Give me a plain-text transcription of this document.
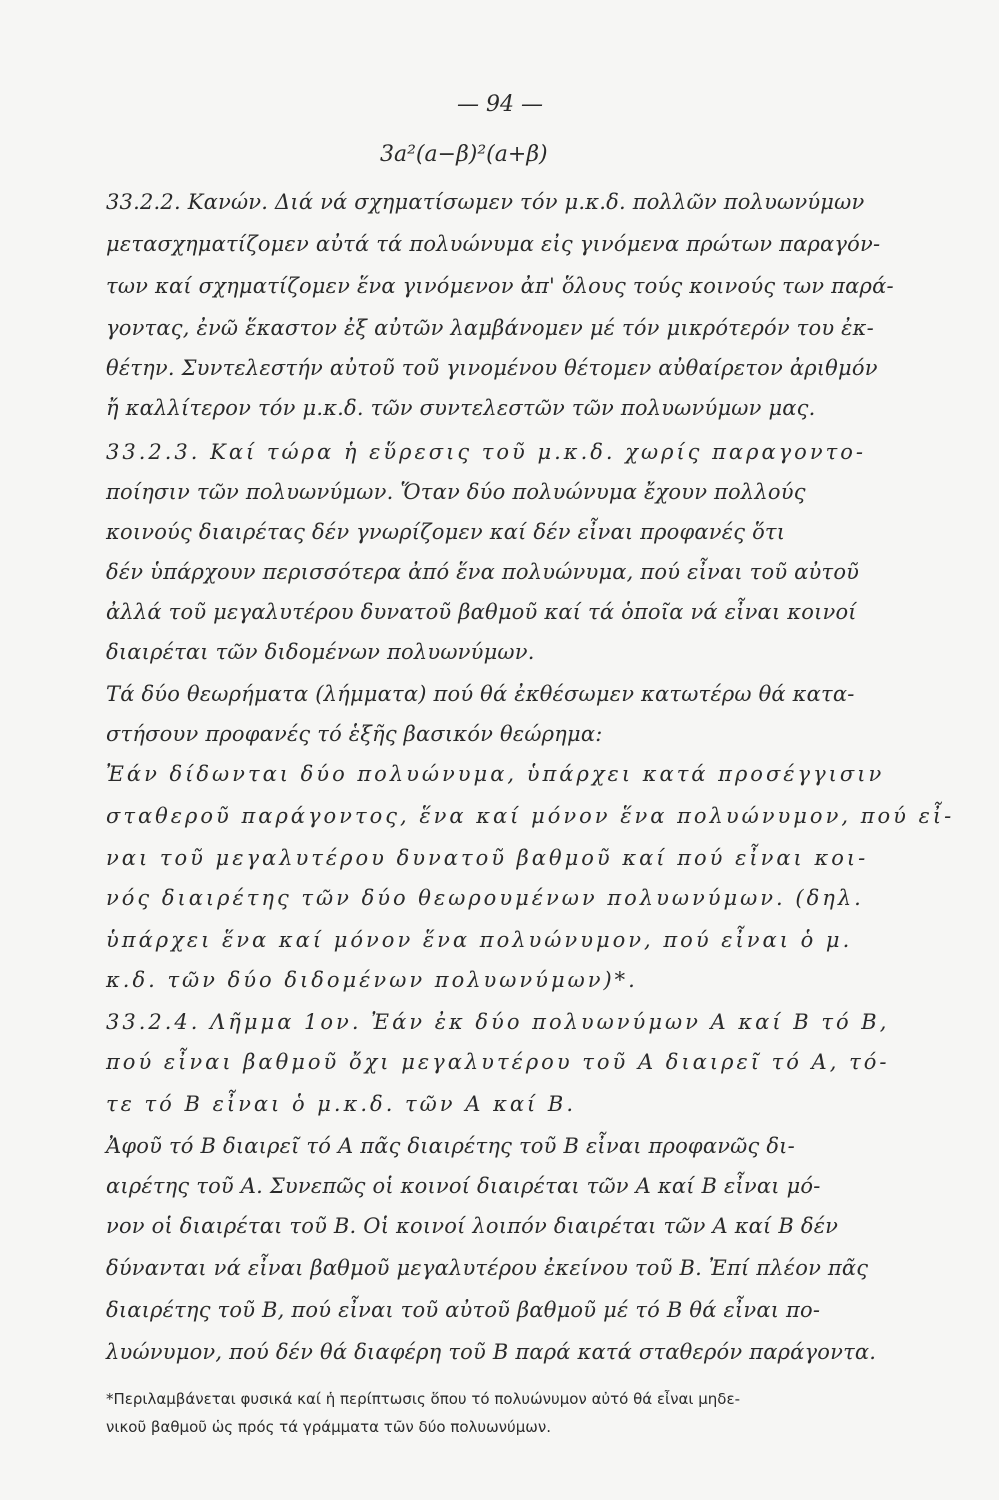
— 94 —
3a²(a−β)²(a+β)
33.2.2. Κανών. Διά νά σχηματίσωμεν τόν μ.κ.δ. πολλῶν πολυωνύμων
μετασχηματίζομεν αὐτά τά πολυώνυμα εἰς γινόμενα πρώτων παραγόν-
των καί σχηματίζομεν ἕνα γινόμενον ἀπ' ὅλους τούς κοινούς των παρά-
γοντας, ἐνῶ ἕκαστον ἐξ αὐτῶν λαμβάνομεν μέ τόν μικρότερόν του ἐκ-
θέτην. Συντελεστήν αὐτοῦ τοῦ γινομένου θέτομεν αὐθαίρετον ἀριθμόν
ἤ καλλίτερον τόν μ.κ.δ. τῶν συντελεστῶν τῶν πολυωνύμων μας.
33.2.3. Καί τώρα ἡ εὕρεσις τοῦ μ.κ.δ. χωρίς παραγοντο-
ποίησιν τῶν πολυωνύμων. Ὅταν δύο πολυώνυμα ἔχουν πολλούς
κοινούς διαιρέτας δέν γνωρίζομεν καί δέν εἶναι προφανές ὅτι
δέν ὑπάρχουν περισσότερα ἀπό ἕνα πολυώνυμα, πού εἶναι τοῦ αὐτοῦ
ἀλλά τοῦ μεγαλυτέρου δυνατοῦ βαθμοῦ καί τά ὁποῖα νά εἶναι κοινοί
διαιρέται τῶν διδομένων πολυωνύμων.
Τά δύο θεωρήματα (λήμματα) πού θά ἐκθέσωμεν κατωτέρω θά κατα-
στήσουν προφανές τό ἑξῆς βασικόν θεώρημα:
Ἐάν δίδωνται δύο πολυώνυμα, ὑπάρχει κατά προσέγγισιν
σταθεροῦ παράγοντος, ἕνα καί μόνον ἕνα πολυώνυμον, πού εἶ-
ναι τοῦ μεγαλυτέρου δυνατοῦ βαθμοῦ καί πού εἶναι κοι-
νός διαιρέτης τῶν δύο θεωρουμένων πολυωνύμων. (δηλ.
ὑπάρχει ἕνα καί μόνον ἕνα πολυώνυμον, πού εἶναι ὁ μ.
κ.δ. τῶν δύο διδομένων πολυωνύμων)*.
33.2.4. Λῆμμα 1ον. Ἐάν ἐκ δύο πολυωνύμων Α καί Β τό Β,
πού εἶναι βαθμοῦ ὄχι μεγαλυτέρου τοῦ Α διαιρεῖ τό Α, τό-
τε τό Β εἶναι ὁ μ.κ.δ. τῶν Α καί Β.
Ἀφοῦ τό Β διαιρεῖ τό Α πᾶς διαιρέτης τοῦ Β εἶναι προφανῶς δι-
αιρέτης τοῦ Α. Συνεπῶς οἱ κοινοί διαιρέται τῶν Α καί Β εἶναι μό-
νον οἱ διαιρέται τοῦ Β. Οἱ κοινοί λοιπόν διαιρέται τῶν Α καί Β δέν
δύνανται νά εἶναι βαθμοῦ μεγαλυτέρου ἐκείνου τοῦ Β. Ἐπί πλέον πᾶς
διαιρέτης τοῦ Β, πού εἶναι τοῦ αὐτοῦ βαθμοῦ μέ τό Β θά εἶναι πο-
λυώνυμον, πού δέν θά διαφέρη τοῦ Β παρά κατά σταθερόν παράγοντα.
*Περιλαμβάνεται φυσικά καί ἡ περίπτωσις ὅπου τό πολυώνυμον αὐτό θά εἶναι μηδε-
νικοῦ βαθμοῦ ὡς πρός τά γράμματα τῶν δύο πολυωνύμων.
